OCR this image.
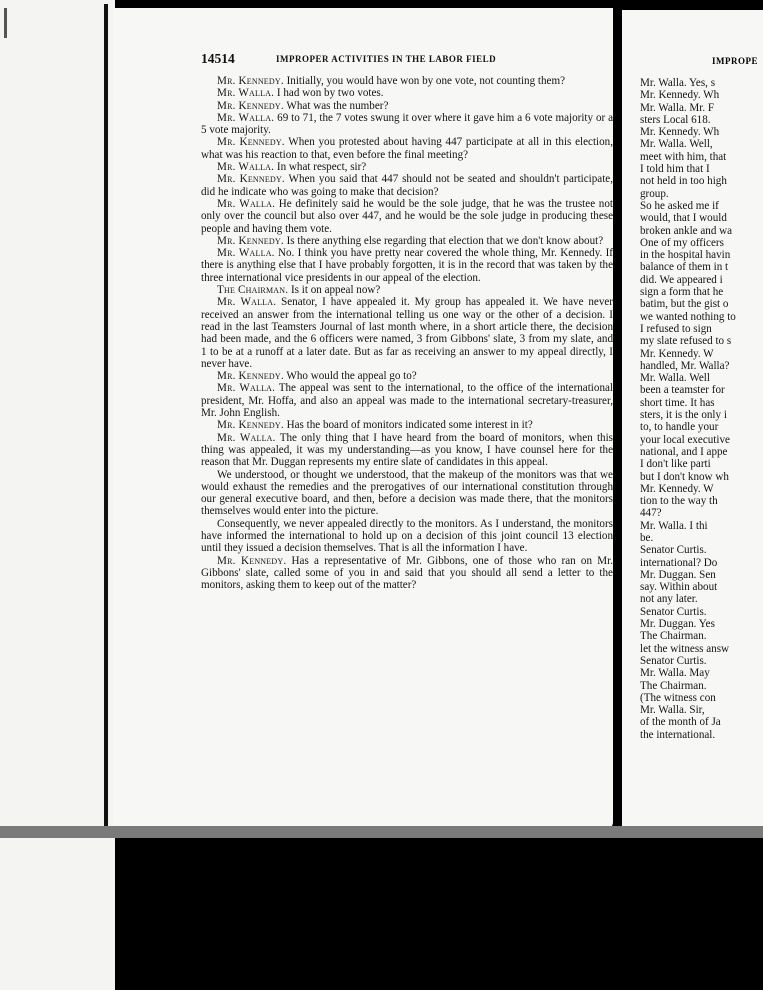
14514	IMPROPER ACTIVITIES IN THE LABOR FIELD

Mr. Kennedy. Initially, you would have won by one vote, not counting them?

Mr. Walla. I had won by two votes.

Mr. Kennedy. What was the number?

Mr. Walla. 69 to 71, the 7 votes swung it over where it gave him a 6 vote majority or a 5 vote majority.

Mr. Kennedy. When you protested about having 447 participate at all in this election, what was his reaction to that, even before the final meeting?

Mr. Walla. In what respect, sir?

Mr. Kennedy. When you said that 447 should not be seated and shouldn't participate, did he indicate who was going to make that decision?

Mr. Walla. He definitely said he would be the sole judge, that he was the trustee not only over the council but also over 447, and he would be the sole judge in producing these people and having them vote.

Mr. Kennedy. Is there anything else regarding that election that we don't know about?

Mr. Walla. No. I think you have pretty near covered the whole thing, Mr. Kennedy. If there is anything else that I have probably forgotten, it is in the record that was taken by the three international vice presidents in our appeal of the election.

The Chairman. Is it on appeal now?

Mr. Walla. Senator, I have appealed it. My group has appealed it. We have never received an answer from the international telling us one way or the other of a decision. I read in the last Teamsters Journal of last month where, in a short article there, the decision had been made, and the 6 officers were named, 3 from Gibbons' slate, 3 from my slate, and 1 to be at a runoff at a later date. But as far as receiving an answer to my appeal directly, I never have.

Mr. Kennedy. Who would the appeal go to?

Mr. Walla. The appeal was sent to the international, to the office of the international president, Mr. Hoffa, and also an appeal was made to the international secretary-treasurer, Mr. John English.

Mr. Kennedy. Has the board of monitors indicated some interest in it?

Mr. Walla. The only thing that I have heard from the board of monitors, when this thing was appealed, it was my understanding—as you know, I have counsel here for the reason that Mr. Duggan represents my entire slate of candidates in this appeal.

We understood, or thought we understood, that the makeup of the monitors was that we would exhaust the remedies and the prerogatives of our international constitution through our general executive board, and then, before a decision was made there, that the monitors themselves would enter into the picture.

Consequently, we never appealed directly to the monitors. As I understand, the monitors have informed the international to hold up on a decision of this joint council 13 election until they issued a decision themselves. That is all the information I have.

Mr. Kennedy. Has a representative of Mr. Gibbons, one of those who ran on Mr. Gibbons' slate, called some of you in and said that you should all send a letter to the monitors, asking them to keep out of the matter?

IMPROPE
Mr. Walla. Yes, s
Mr. Kennedy. Wh
Mr. Walla. Mr. F
sters Local 618.
Mr. Kennedy. Wh
Mr. Walla. Well,
meet with him, that
I told him that I
not held in too high
group.
So he asked me if
would, that I would
broken ankle and wa
One of my officers
in the hospital havin
balance of them in t
did. We appeared i
sign a form that he
batim, but the gist o
we wanted nothing to
I refused to sign
my slate refused to s
Mr. Kennedy. W
handled, Mr. Walla?
Mr. Walla. Well
been a teamster for
short time. It has
sters, it is the only i
to, to handle your
your local executive
national, and I appe
I don't like parti
but I don't know wh
Mr. Kennedy. W
tion to the way th
447?
Mr. Walla. I thi
be.
Senator Curtis.
international? Do
Mr. Duggan. Sen
say. Within about
not any later.
Senator Curtis.
Mr. Duggan. Yes
The Chairman.
let the witness answ
Senator Curtis.
Mr. Walla. May
The Chairman.
(The witness con
Mr. Walla. Sir,
of the month of Ja
the international.
